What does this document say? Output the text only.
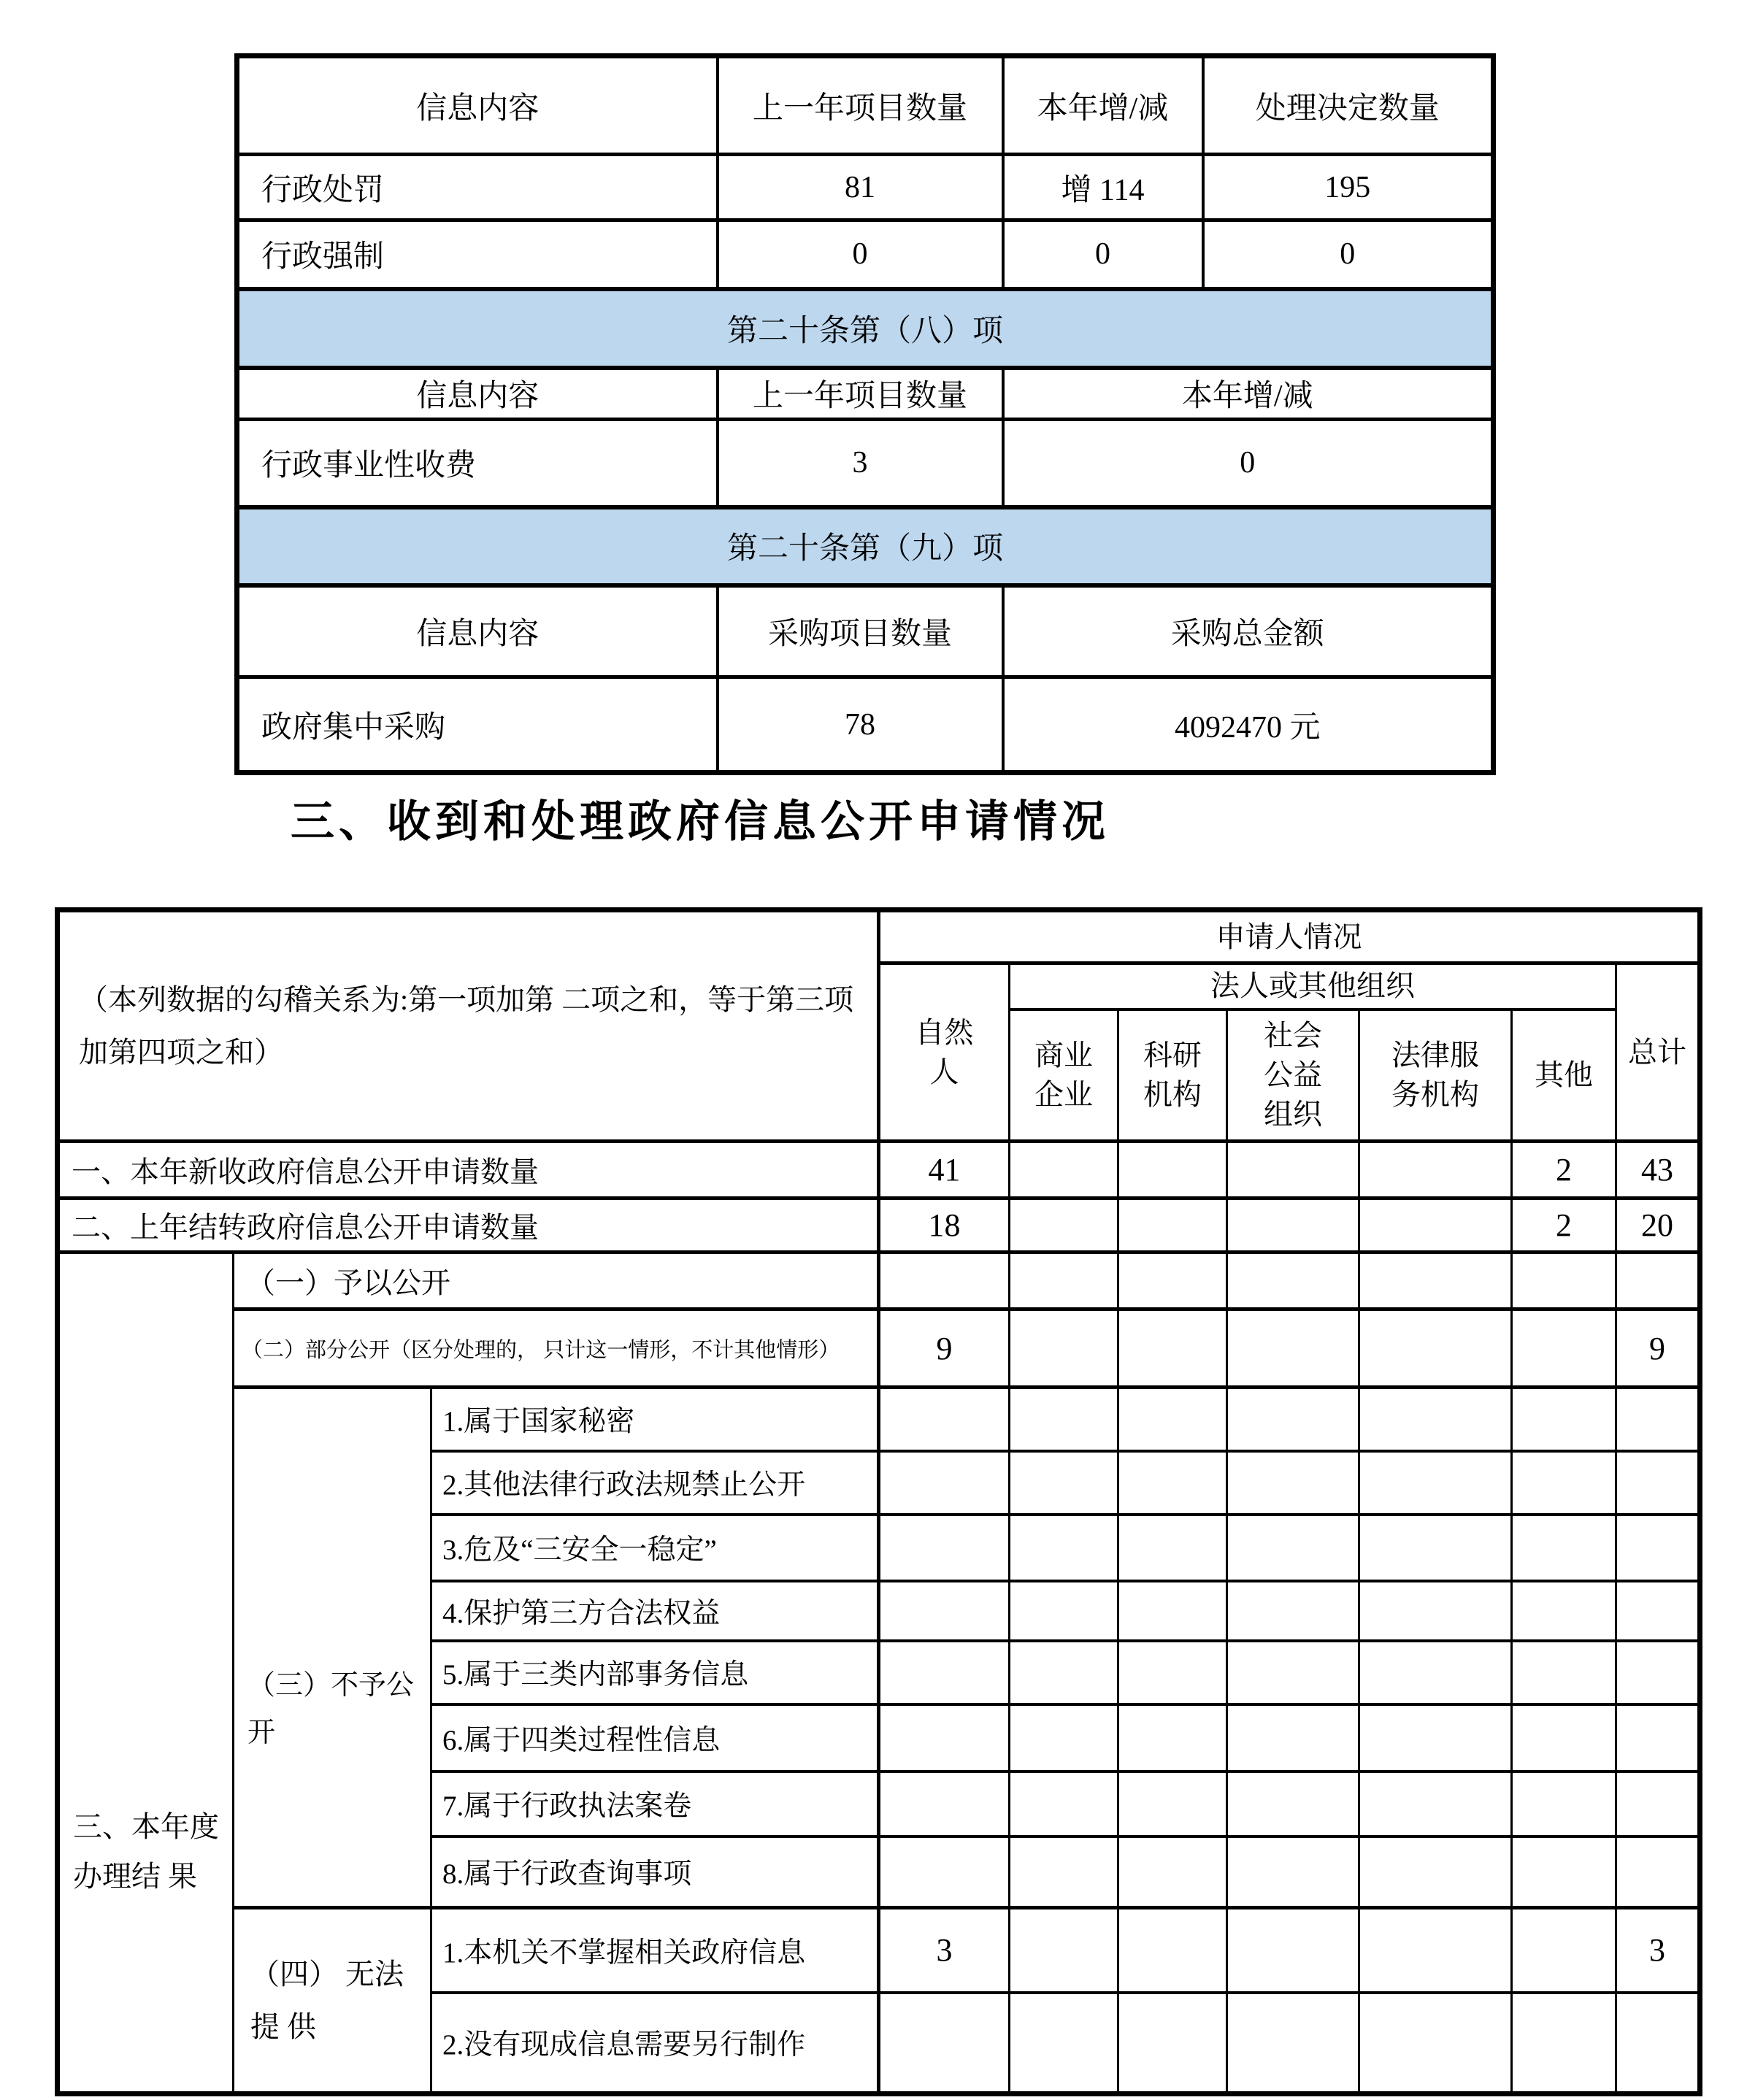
信息内容	上一年项目数量	本年增/减	处理决定数量
行政处罚	81	增 114	195
行政强制	0	0	0
第二十条第（八）项			
信息内容	上一年项目数量	本年增/减	
行政事业性收费	3	0	
第二十条第（九）项			
信息内容	采购项目数量	采购总金额	
政府集中采购	78	4092470 元	
三、收到和处理政府信息公开申请情况
（本列数据的勾稽关系为:第一项加第 二项之和，等于第三项加第四项之和）			申请人情况						
			自然人	法人或其他组织					总计
				商业企业	科研机构	社会公益组织	法律服务机构	其他	
一、本年新收政府信息公开申请数量			41					2	43
二、上年结转政府信息公开申请数量			18					2	20
三、本年度办理结 果	（一）予以公开								
	（二）部分公开（区分处理的， 只计这一情形，不计其他情形）		9						9
	（三）不予公开	1.属于国家秘密							
		2.其他法律行政法规禁止公开							
		3.危及“三安全一稳定”							
		4.保护第三方合法权益							
		5.属于三类内部事务信息							
		6.属于四类过程性信息							
		7.属于行政执法案卷							
		8.属于行政查询事项							
	（四） 无法提 供	1.本机关不掌握相关政府信息	3						3
		2.没有现成信息需要另行制作							
